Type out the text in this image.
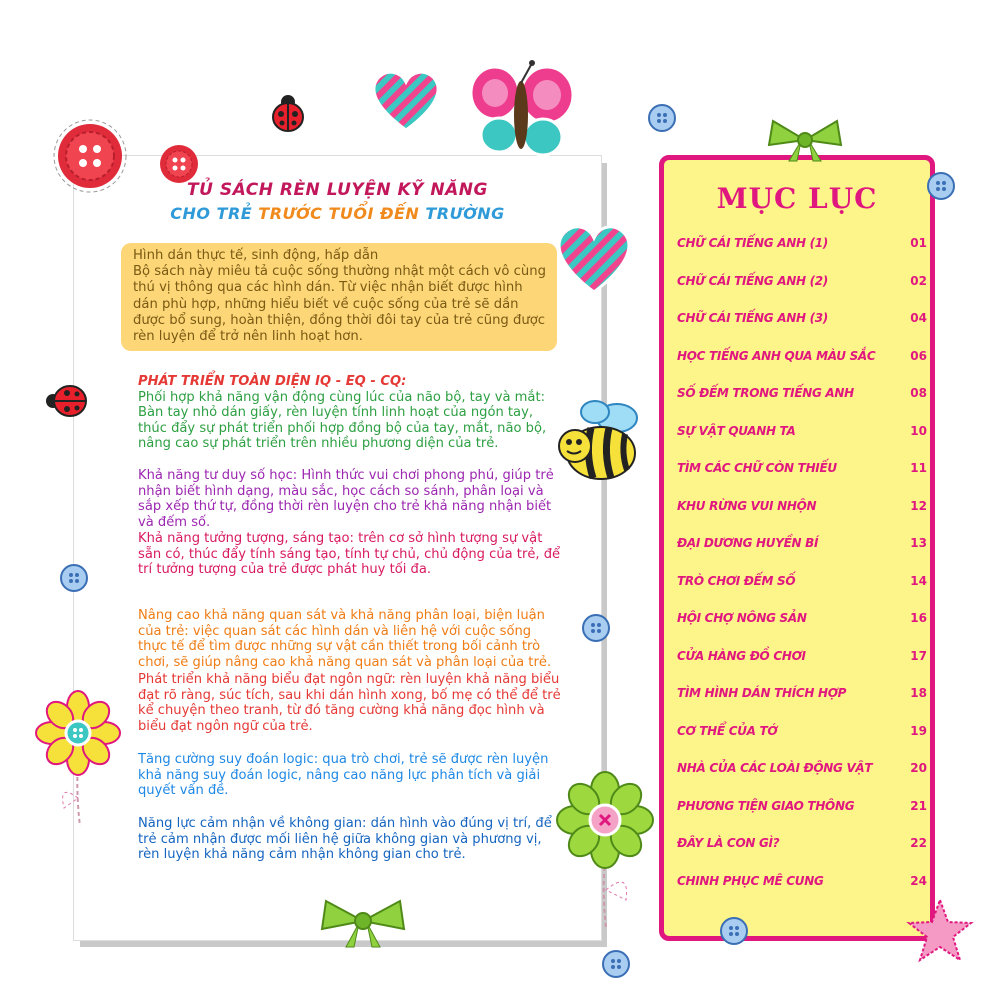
TỦ SÁCH RÈN LUYỆN KỸ NĂNG
CHO TRẺ TRƯỚC TUỔI ĐẾN TRƯỜNG

Hình dán thực tế, sinh động, hấp dẫn

Bộ sách này miêu tả cuộc sống thường nhật một cách vô cùng thú vị thông qua các hình dán. Từ việc nhận biết được hình dán phù hợp, những hiểu biết về cuộc sống của trẻ sẽ dần được bổ sung, hoàn thiện, đồng thời đôi tay của trẻ cũng được rèn luyện để trở nên linh hoạt hơn.

PHÁT TRIỂN TOÀN DIỆN IQ - EQ - CQ:
Phối hợp khả năng vận động cùng lúc của não bộ, tay và mắt: Bàn tay nhỏ dán giấy, rèn luyện tính linh hoạt của ngón tay, thúc đẩy sự phát triển phối hợp đồng bộ của tay, mắt, não bộ, nâng cao sự phát triển trên nhiều phương diện của trẻ.
Khả năng tư duy số học: Hình thức vui chơi phong phú, giúp trẻ nhận biết hình dạng, màu sắc, học cách so sánh, phân loại và sắp xếp thứ tự, đồng thời rèn luyện cho trẻ khả năng nhận biết và đếm số.
Khả năng tưởng tượng, sáng tạo: trên cơ sở hình tượng sự vật sẵn có, thúc đẩy tính sáng tạo, tính tự chủ, chủ động của trẻ, để trí tưởng tượng của trẻ được phát huy tối đa.
Nâng cao khả năng quan sát và khả năng phân loại, biện luận của trẻ: việc quan sát các hình dán và liên hệ với cuộc sống thực tế để tìm được những sự vật cần thiết trong bối cảnh trò chơi, sẽ giúp nâng cao khả năng quan sát và phân loại của trẻ.
Phát triển khả năng biểu đạt ngôn ngữ: rèn luyện khả năng biểu đạt rõ ràng, súc tích, sau khi dán hình xong, bố mẹ có thể để trẻ kể chuyện theo tranh, từ đó tăng cường khả năng đọc hình và biểu đạt ngôn ngữ của trẻ.
Tăng cường suy đoán logic: qua trò chơi, trẻ sẽ được rèn luyện khả năng suy đoán logic, nâng cao năng lực phân tích và giải quyết vấn đề.
Năng lực cảm nhận về không gian: dán hình vào đúng vị trí, để trẻ cảm nhận được mối liên hệ giữa không gian và phương vị, rèn luyện khả năng cảm nhận không gian cho trẻ.
MỤC LỤC
CHỮ CÁI TIẾNG ANH (1)	01
CHỮ CÁI TIẾNG ANH (2)	02
CHỮ CÁI TIẾNG ANH (3)	04
HỌC TIẾNG ANH QUA MÀU SẮC	06
SỐ ĐẾM TRONG TIẾNG ANH	08
SỰ VẬT QUANH TA	10
TÌM CÁC CHỮ CÒN THIẾU	11
KHU RỪNG VUI NHỘN	12
ĐẠI DƯƠNG HUYỀN BÍ	13
TRÒ CHƠI ĐẾM SỐ	14
HỘI CHỢ NÔNG SẢN	16
CỬA HÀNG ĐỒ CHƠI	17
TÌM HÌNH DÁN THÍCH HỢP	18
CƠ THỂ CỦA TỚ	19
NHÀ CỦA CÁC LOÀI ĐỘNG VẬT	20
PHƯƠNG TIỆN GIAO THÔNG	21
ĐÂY LÀ CON GÌ?	22
CHINH PHỤC MÊ CUNG	24
